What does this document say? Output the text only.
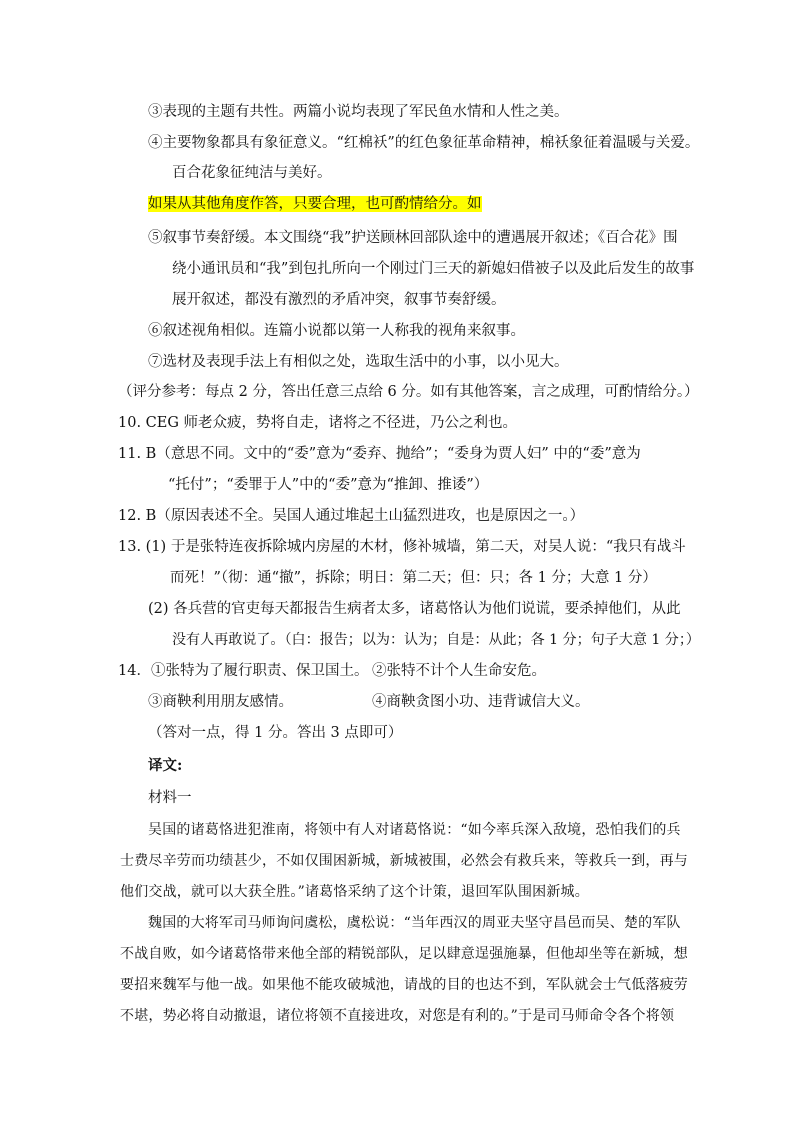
③表现的主题有共性。两篇小说均表现了军民鱼水情和人性之美。
④主要物象都具有象征意义。“红棉袄”的红色象征革命精神，棉袄象征着温暖与关爱。
百合花象征纯洁与美好。
如果从其他角度作答，只要合理，也可酌情给分。如
⑤叙事节奏舒缓。本文围绕“我”护送顾林回部队途中的遭遇展开叙述；《百合花》围
绕小通讯员和“我”到包扎所向一个刚过门三天的新媳妇借被子以及此后发生的故事
展开叙述，都没有激烈的矛盾冲突，叙事节奏舒缓。
⑥叙述视角相似。连篇小说都以第一人称我的视角来叙事。
⑦选材及表现手法上有相似之处，选取生活中的小事，以小见大。
（评分参考：每点 2 分，答出任意三点给 6 分。如有其他答案，言之成理，可酌情给分。）
10. CEG 师老众疲，势将自走，诸将之不径进，乃公之利也。
11. B（意思不同。文中的“委”意为“委弃、抛给”；“委身为贾人妇” 中的“委”意为
“托付”；“委罪于人”中的“委”意为“推卸、推诿”）
12. B（原因表述不全。吴国人通过堆起土山猛烈进攻，也是原因之一。）
13. (1) 于是张特连夜拆除城内房屋的木材，修补城墙，第二天，对吴人说：“我只有战斗
而死！”（彻：通“撤”，拆除；明日：第二天；但：只；各 1 分；大意 1 分）
(2) 各兵营的官吏每天都报告生病者太多，诸葛恪认为他们说谎，要杀掉他们，从此
没有人再敢说了。（白：报告；以为：认为；自是：从此；各 1 分；句子大意 1 分；）
14．①张特为了履行职责、保卫国土。 ②张特不计个人生命安危。
③商鞅利用朋友感情。	④商鞅贪图小功、违背诚信大义。
（答对一点，得 1 分。答出 3 点即可）
译文:
材料一
吴国的诸葛恪进犯淮南，将领中有人对诸葛恪说：“如今率兵深入敌境，恐怕我们的兵
士费尽辛劳而功绩甚少，不如仅围困新城，新城被围，必然会有救兵来，等救兵一到，再与
他们交战，就可以大获全胜。”诸葛恪采纳了这个计策，退回军队围困新城。
魏国的大将军司马师询问虞松，虞松说：“当年西汉的周亚夫坚守昌邑而吴、楚的军队
不战自败，如今诸葛恪带来他全部的精锐部队，足以肆意逞强施暴，但他却坐等在新城，想
要招来魏军与他一战。如果他不能攻破城池，请战的目的也达不到，军队就会士气低落疲劳
不堪，势必将自动撤退，诸位将领不直接进攻，对您是有利的。”于是司马师命令各个将领
